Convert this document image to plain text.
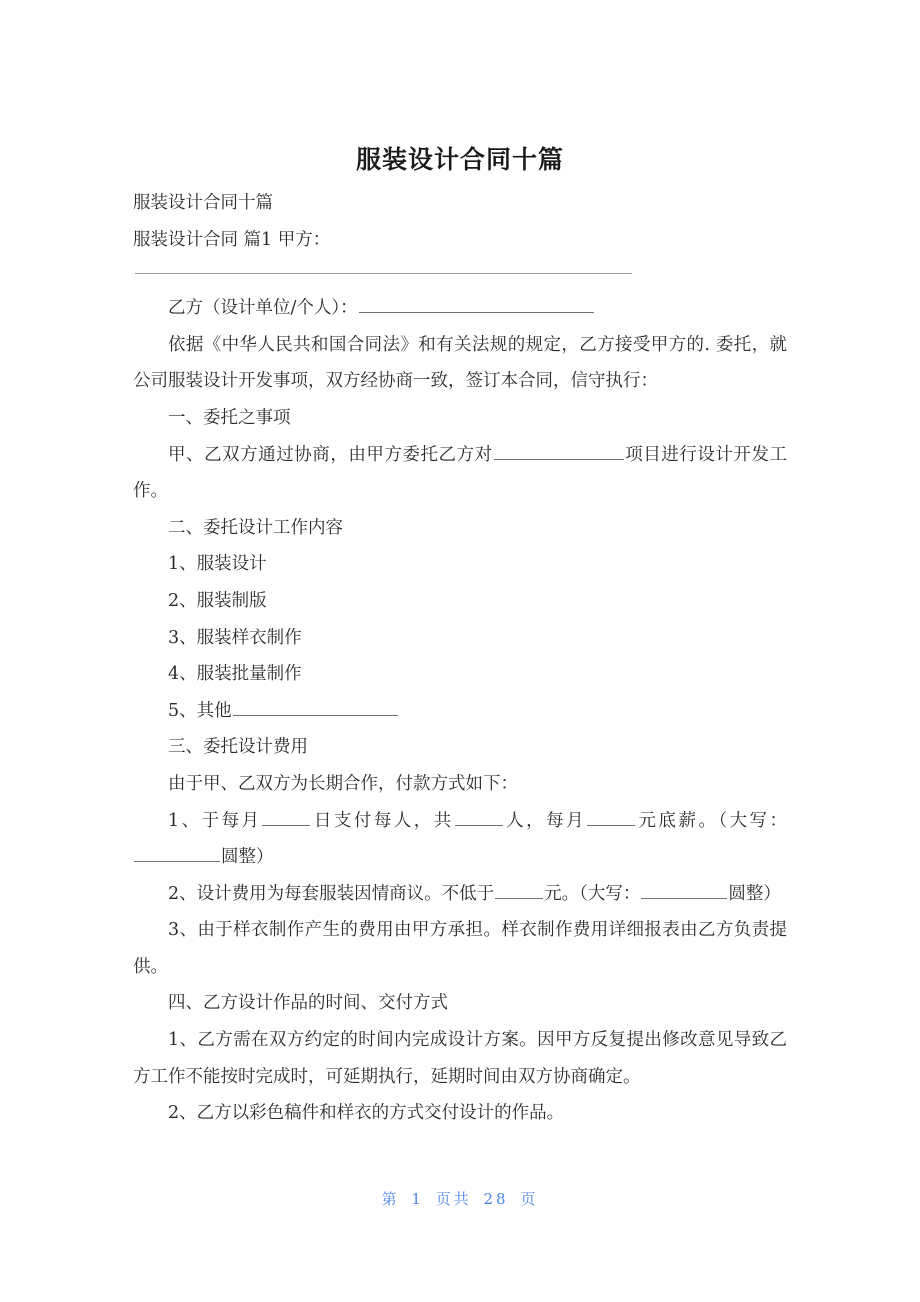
服装设计合同十篇

服装设计合同十篇

服装设计合同 篇1 甲方：

乙方（设计单位/个人）：

依据《中华人民共和国合同法》和有关法规的规定，乙方接受甲方的. 委托，就公司服装设计开发事项，双方经协商一致，签订本合同，信守执行：

一、委托之事项

甲、乙双方通过协商，由甲方委托乙方对	项目进行设计开发工作。

二、委托设计工作内容

1、服装设计

2、服装制版

3、服装样衣制作

4、服装批量制作

5、其他

三、委托设计费用

由于甲、乙双方为长期合作，付款方式如下：

1、于每月	日支付每人，共	人，每月	元底薪。（大写：圆整）

2、设计费用为每套服装因情商议。不低于	元。（大写：	圆整）

3、由于样衣制作产生的费用由甲方承担。样衣制作费用详细报表由乙方负责提供。

四、乙方设计作品的时间、交付方式

1、乙方需在双方约定的时间内完成设计方案。因甲方反复提出修改意见导致乙方工作不能按时完成时，可延期执行，延期时间由双方协商确定。

2、乙方以彩色稿件和样衣的方式交付设计的作品。

第 1 页共 28 页
